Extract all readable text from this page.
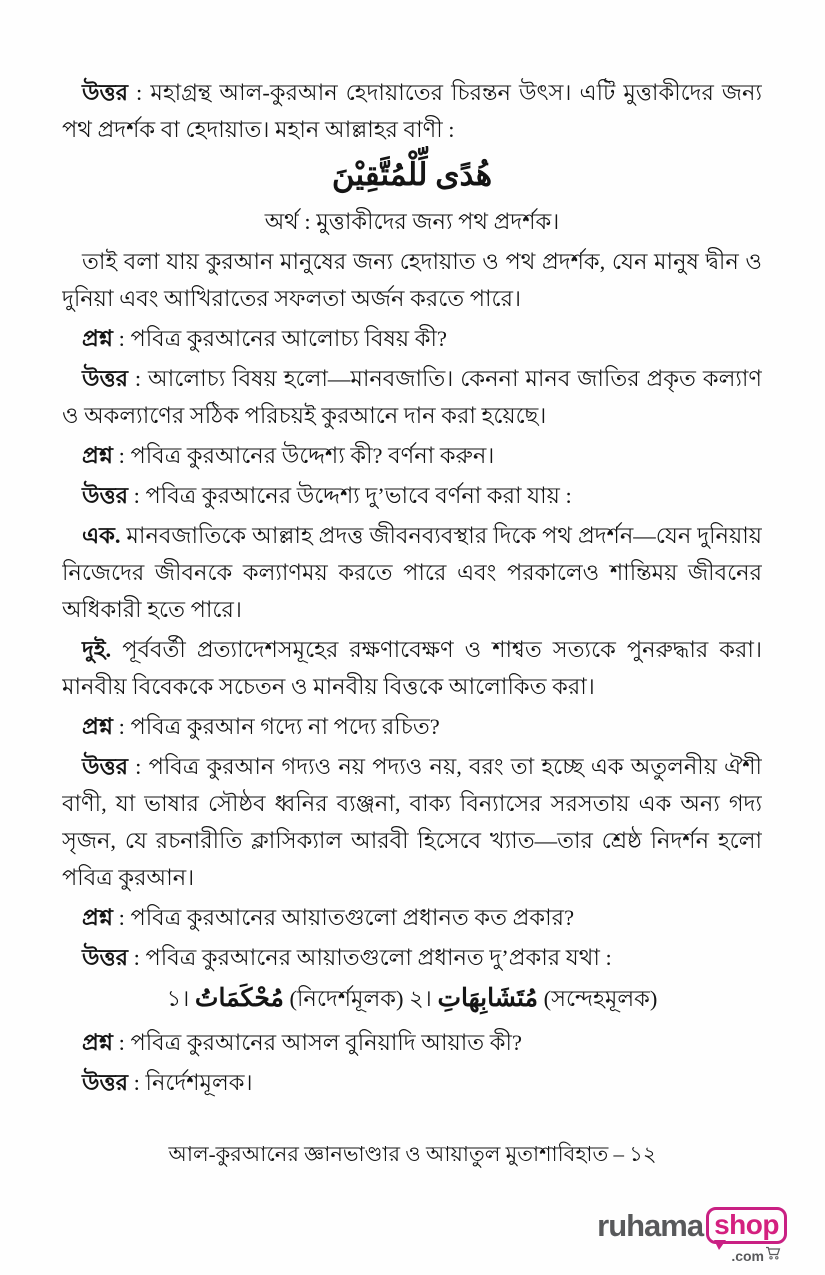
উত্তর : মহাগ্রন্থ আল-কুরআন হেদায়াতের চিরন্তন উৎস। এটি মুত্তাকীদের জন্য পথ প্রদর্শক বা হেদায়াত। মহান আল্লাহর বাণী :

هُدًى لِّلْمُتَّقِيْنَ

অর্থ : মুত্তাকীদের জন্য পথ প্রদর্শক।

তাই বলা যায় কুরআন মানুষের জন্য হেদায়াত ও পথ প্রদর্শক, যেন মানুষ দ্বীন ও দুনিয়া এবং আখিরাতের সফলতা অর্জন করতে পারে।

প্রশ্ন : পবিত্র কুরআনের আলোচ্য বিষয় কী?

উত্তর : আলোচ্য বিষয় হলো—মানবজাতি। কেননা মানব জাতির প্রকৃত কল্যাণ ও অকল্যাণের সঠিক পরিচয়ই কুরআনে দান করা হয়েছে।

প্রশ্ন : পবিত্র কুরআনের উদ্দেশ্য কী? বর্ণনা করুন।

উত্তর : পবিত্র কুরআনের উদ্দেশ্য দু’ভাবে বর্ণনা করা যায় :

এক. মানবজাতিকে আল্লাহ প্রদত্ত জীবনব্যবস্থার দিকে পথ প্রদর্শন—যেন দুনিয়ায় নিজেদের জীবনকে কল্যাণময় করতে পারে এবং পরকালেও শান্তিময় জীবনের অধিকারী হতে পারে।

দুই. পূর্ববর্তী প্রত্যাদেশসমূহের রক্ষণাবেক্ষণ ও শাশ্বত সত্যকে পুনরুদ্ধার করা। মানবীয় বিবেককে সচেতন ও মানবীয় বিত্তকে আলোকিত করা।

প্রশ্ন : পবিত্র কুরআন গদ্যে না পদ্যে রচিত?

উত্তর : পবিত্র কুরআন গদ্যও নয় পদ্যও নয়, বরং তা হচ্ছে এক অতুলনীয় ঐশী বাণী, যা ভাষার সৌষ্ঠব ধ্বনির ব্যঞ্জনা, বাক্য বিন্যাসের সরসতায় এক অন্য গদ্য সৃজন, যে রচনারীতি ক্লাসিক্যাল আরবী হিসেবে খ্যাত—তার শ্রেষ্ঠ নিদর্শন হলো পবিত্র কুরআন।

প্রশ্ন : পবিত্র কুরআনের আয়াতগুলো প্রধানত কত প্রকার?

উত্তর : পবিত্র কুরআনের আয়াতগুলো প্রধানত দু’প্রকার যথা :

১। مُحْكَمَاتُ (নিদের্শমূলক) ২। مُتَشَابِهَاتِ (সন্দেহমূলক)

প্রশ্ন : পবিত্র কুরআনের আসল বুনিয়াদি আয়াত কী?

উত্তর : নির্দেশমূলক।

আল-কুরআনের জ্ঞানভাণ্ডার ও আয়াতুল মুতাশাবিহাত – ১২
ruhama shop
.com
